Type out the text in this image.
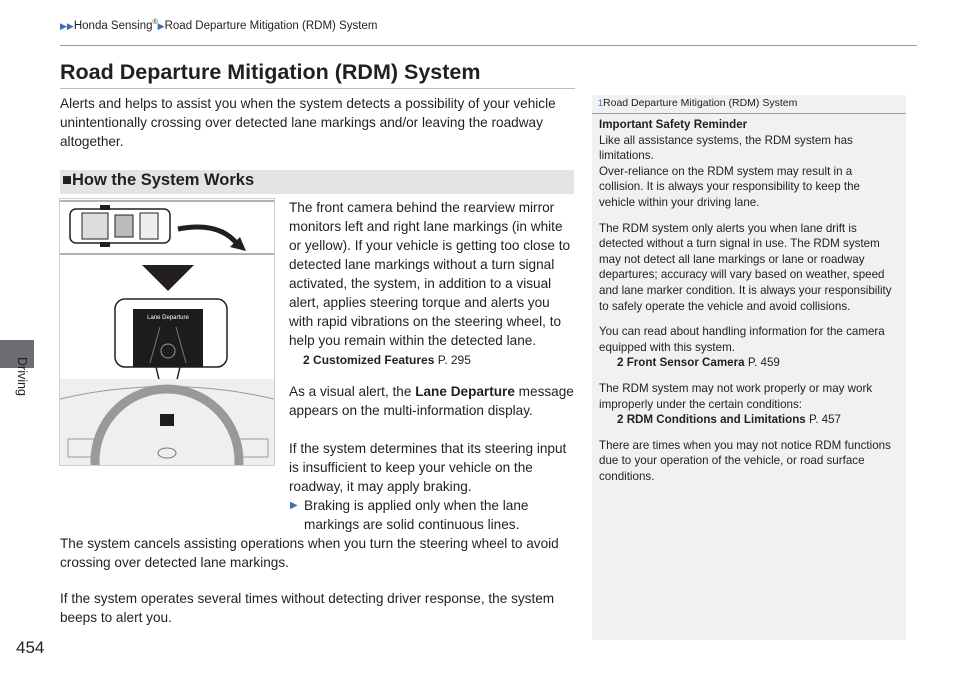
▶▶Honda Sensing®▶Road Departure Mitigation (RDM) System
Driving
454
Road Departure Mitigation (RDM) System
Alerts and helps to assist you when the system detects a possibility of your vehicle unintentionally crossing over detected lane markings and/or leaving the roadway altogether.
■How the System Works
Lane Departure
The front camera behind the rearview mirror monitors left and right lane markings (in white or yellow). If your vehicle is getting too close to detected lane markings without a turn signal activated, the system, in addition to a visual alert, applies steering torque and alerts you with rapid vibrations on the steering wheel, to help you remain within the detected lane.
2 Customized Features P. 295
As a visual alert, the Lane Departure message appears on the multi-information display.
If the system determines that its steering input is insufficient to keep your vehicle on the roadway, it may apply braking.
▶ Braking is applied only when the lane markings are solid continuous lines.
The system cancels assisting operations when you turn the steering wheel to avoid crossing over detected lane markings.
If the system operates several times without detecting driver response, the system beeps to alert you.
1Road Departure Mitigation (RDM) System

Important Safety Reminder
Like all assistance systems, the RDM system has limitations.
Over-reliance on the RDM system may result in a collision. It is always your responsibility to keep the vehicle within your driving lane.

The RDM system only alerts you when lane drift is detected without a turn signal in use. The RDM system may not detect all lane markings or lane or roadway departures; accuracy will vary based on weather, speed and lane marker condition. It is always your responsibility to safely operate the vehicle and avoid collisions.

You can read about handling information for the camera equipped with this system.
2 Front Sensor Camera P. 459

The RDM system may not work properly or may work improperly under the certain conditions:
2 RDM Conditions and Limitations P. 457

There are times when you may not notice RDM functions due to your operation of the vehicle, or road surface conditions.
